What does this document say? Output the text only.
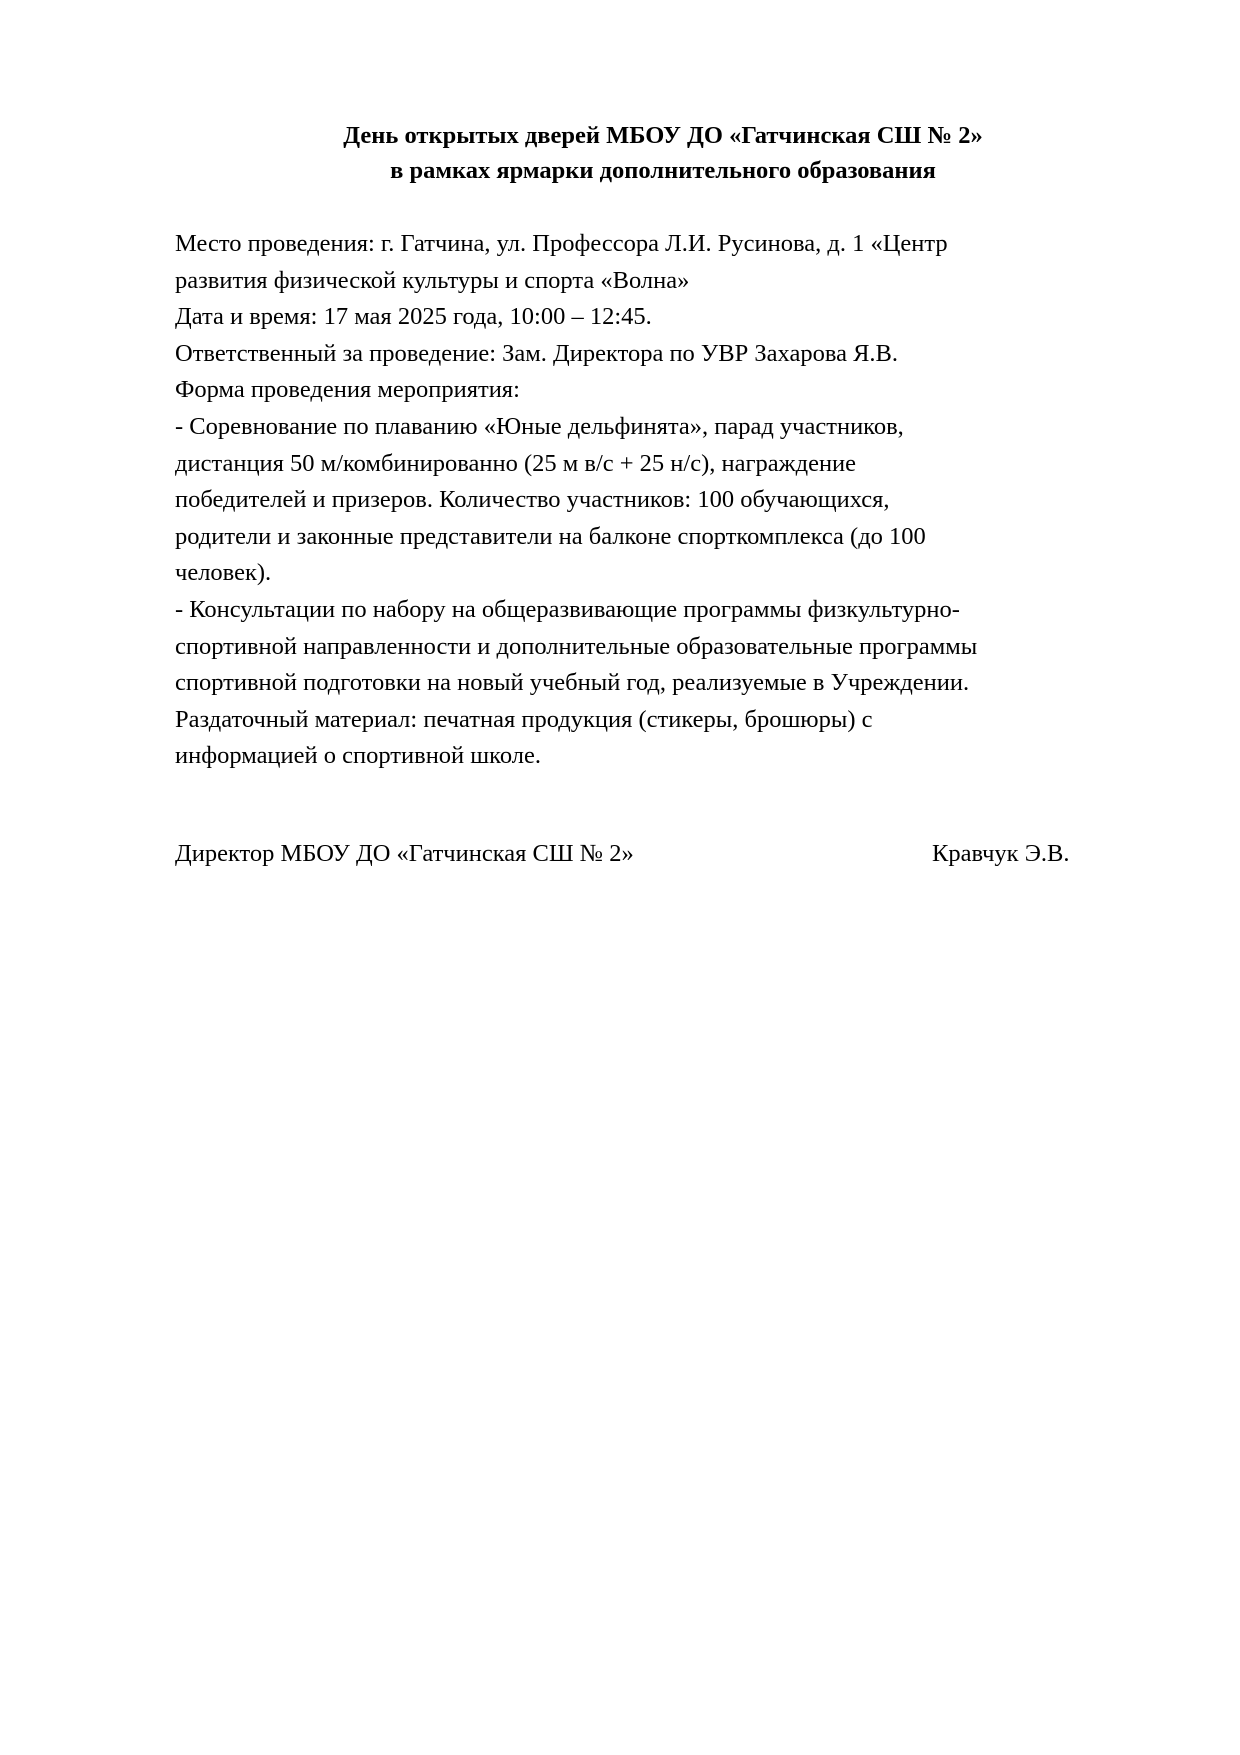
День открытых дверей МБОУ ДО «Гатчинская СШ № 2»
в рамках ярмарки дополнительного образования
Место проведения: г. Гатчина, ул. Профессора Л.И. Русинова, д. 1 «Центр
развития физической культуры и спорта «Волна»
Дата и время: 17 мая 2025 года, 10:00 – 12:45.
Ответственный за проведение: Зам. Директора по УВР Захарова Я.В.
Форма проведения мероприятия:
- Соревнование по плаванию «Юные дельфинята», парад участников,
дистанция 50 м/комбинированно (25 м в/с + 25 н/с), награждение
победителей и призеров. Количество участников: 100 обучающихся,
родители и законные представители на балконе спорткомплекса (до 100
человек).
- Консультации по набору на общеразвивающие программы физкультурно-
спортивной направленности и дополнительные образовательные программы
спортивной подготовки на новый учебный год, реализуемые в Учреждении.
Раздаточный материал: печатная продукция (стикеры, брошюры) с
информацией о спортивной школе.
Директор МБОУ ДО «Гатчинская СШ № 2»	Кравчук Э.В.
